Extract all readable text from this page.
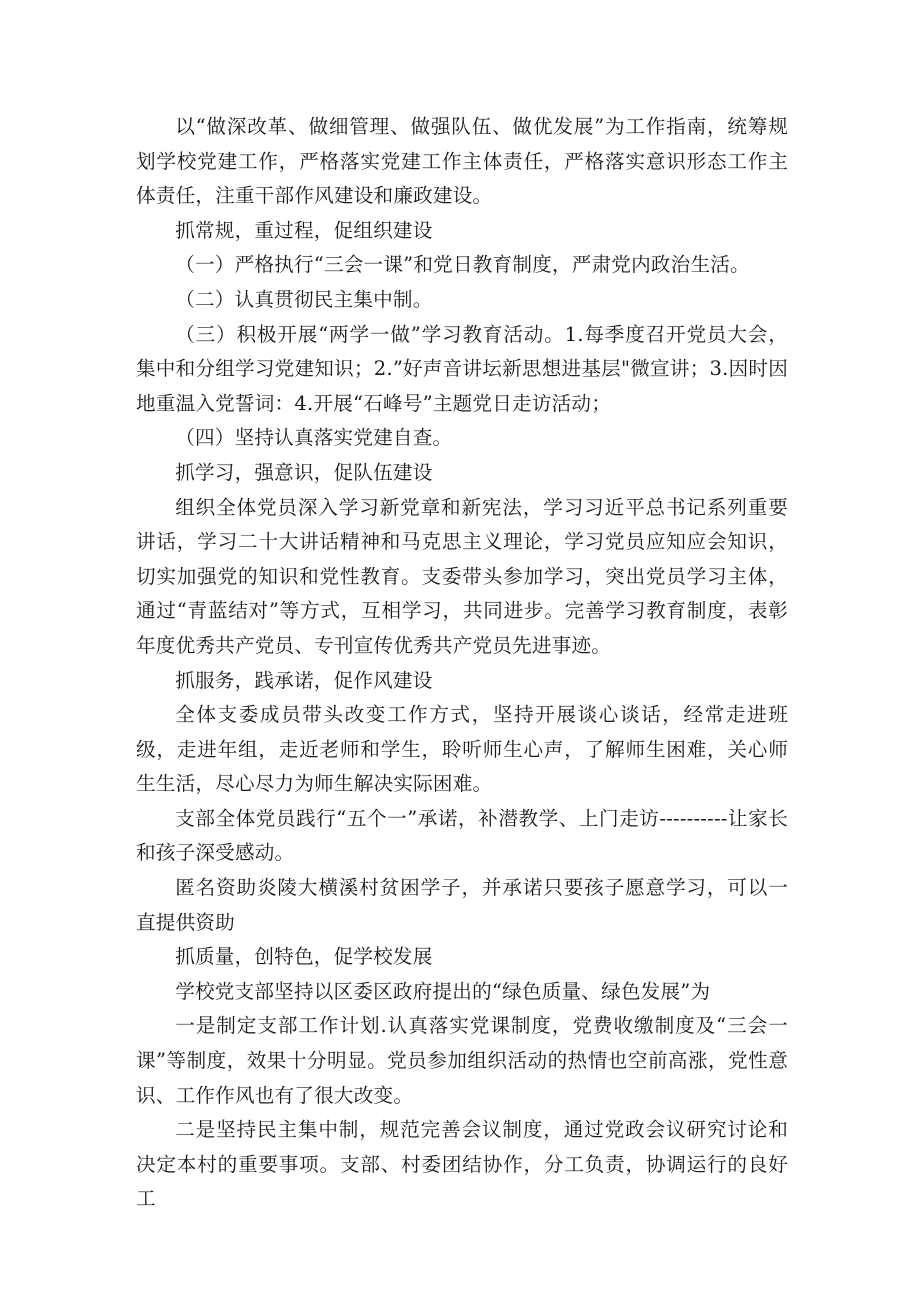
以“做深改革、做细管理、做强队伍、做优发展”为工作指南，统筹规划学校党建工作，严格落实党建工作主体责任，严格落实意识形态工作主体责任，注重干部作风建设和廉政建设。

抓常规，重过程，促组织建设

（一）严格执行“三会一课”和党日教育制度，严肃党内政治生活。

（二）认真贯彻民主集中制。

（三）积极开展“两学一做”学习教育活动。1.每季度召开党员大会，集中和分组学习党建知识；2.”好声音讲坛新思想进基层"微宣讲；3.因时因地重温入党誓词：4.开展“石峰号”主题党日走访活动；

（四）坚持认真落实党建自查。

抓学习，强意识，促队伍建设

组织全体党员深入学习新党章和新宪法，学习习近平总书记系列重要讲话，学习二十大讲话精神和马克思主义理论，学习党员应知应会知识，切实加强党的知识和党性教育。支委带头参加学习，突出党员学习主体，通过“青蓝结对”等方式，互相学习，共同进步。完善学习教育制度，表彰年度优秀共产党员、专刊宣传优秀共产党员先进事迹。

抓服务，践承诺，促作风建设

全体支委成员带头改变工作方式，坚持开展谈心谈话，经常走进班级，走进年组，走近老师和学生，聆听师生心声，了解师生困难，关心师生生活，尽心尽力为师生解决实际困难。

支部全体党员践行“五个一”承诺，补潜教学、上门走访----------让家长和孩子深受感动。

匿名资助炎陵大横溪村贫困学子，并承诺只要孩子愿意学习，可以一直提供资助

抓质量，创特色，促学校发展

学校党支部坚持以区委区政府提出的“绿色质量、绿色发展”为

一是制定支部工作计划.认真落实党课制度，党费收缴制度及“三会一课”等制度，效果十分明显。党员参加组织活动的热情也空前高涨，党性意识、工作作风也有了很大改变。

二是坚持民主集中制，规范完善会议制度，通过党政会议研究讨论和决定本村的重要事项。支部、村委团结协作，分工负责，协调运行的良好工
